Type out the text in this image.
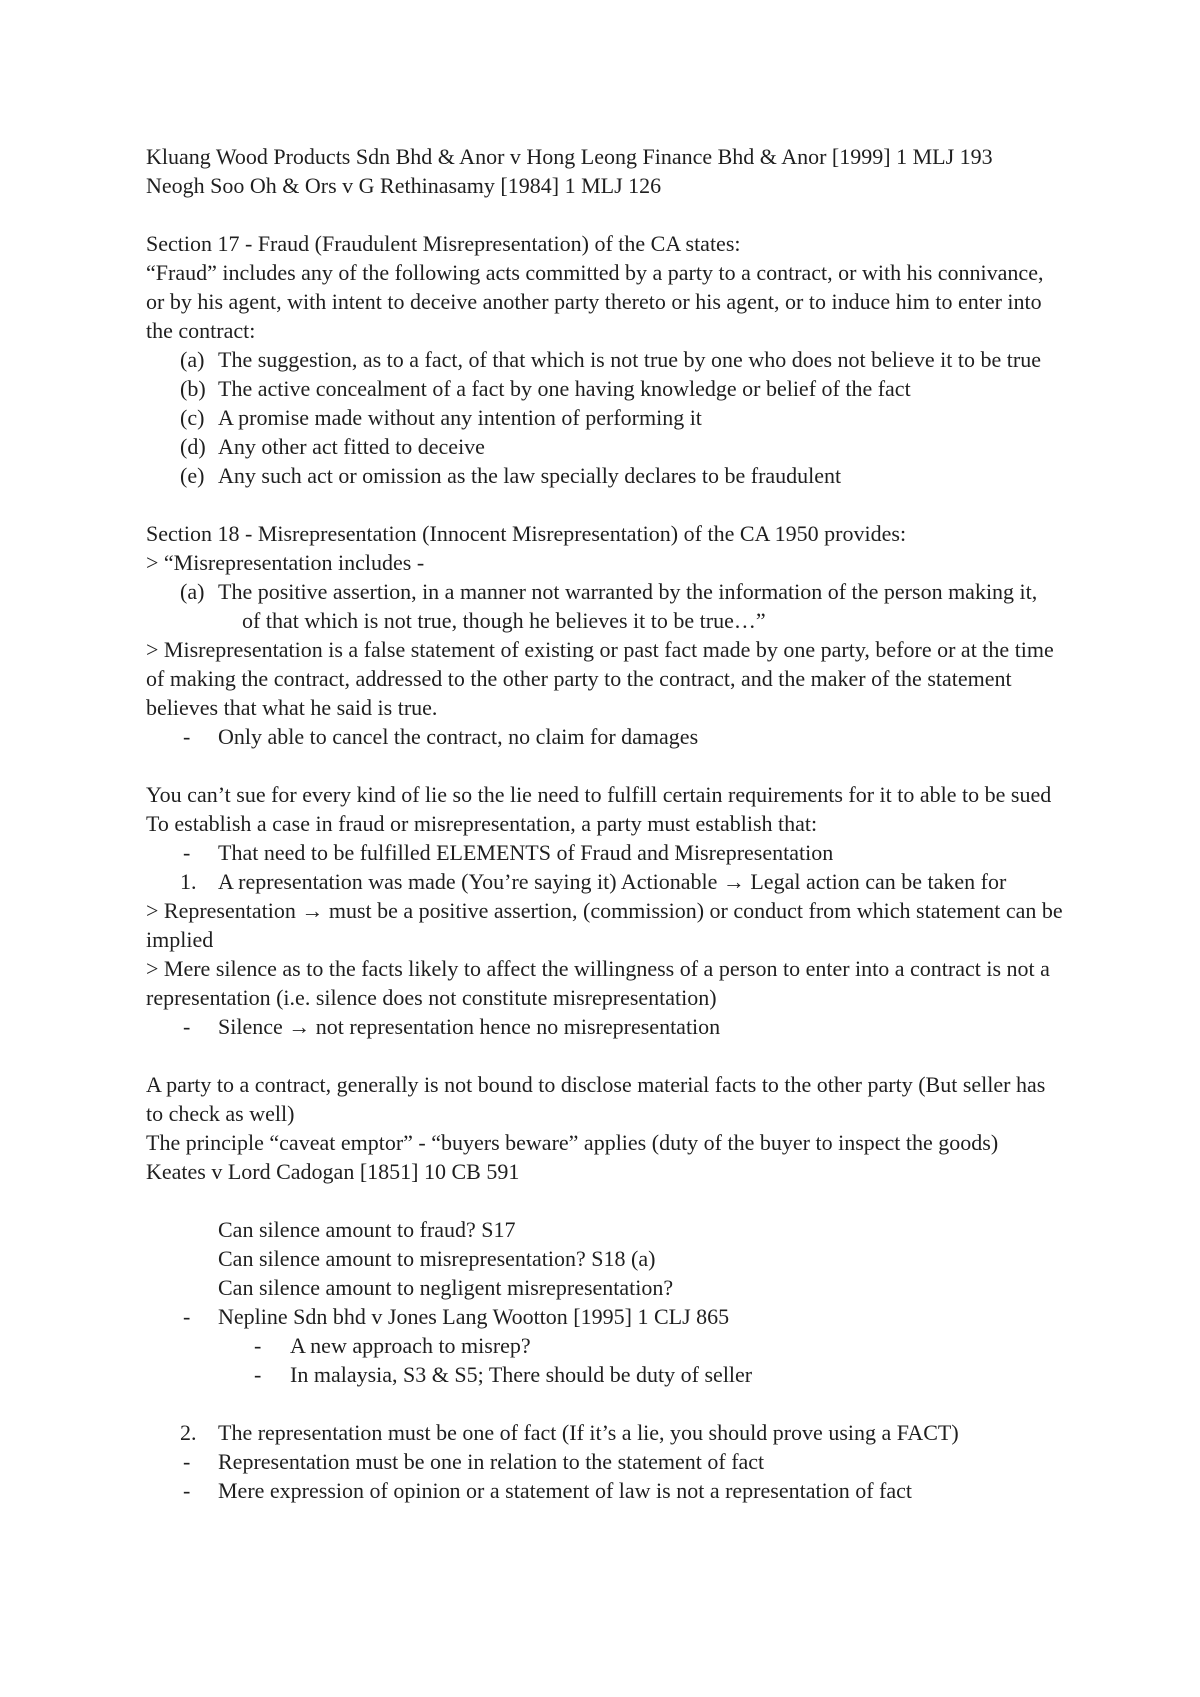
Kluang Wood Products Sdn Bhd & Anor v Hong Leong Finance Bhd & Anor [1999] 1 MLJ 193

Neogh Soo Oh & Ors v G Rethinasamy [1984] 1 MLJ 126

Section 17 - Fraud (Fraudulent Misrepresentation) of the CA states:

“Fraud” includes any of the following acts committed by a party to a contract, or with his connivance, or by his agent, with intent to deceive another party thereto or his agent, or to induce him to enter into the contract:

(a) The suggestion, as to a fact, of that which is not true by one who does not believe it to be true

(b) The active concealment of a fact by one having knowledge or belief of the fact

(c) A promise made without any intention of performing it

(d) Any other act fitted to deceive

(e) Any such act or omission as the law specially declares to be fraudulent

Section 18 - Misrepresentation (Innocent Misrepresentation) of the CA 1950 provides:

> “Misrepresentation includes -

(a) The positive assertion, in a manner not warranted by the information of the person making it,

of that which is not true, though he believes it to be true…”

> Misrepresentation is a false statement of existing or past fact made by one party, before or at the time of making the contract, addressed to the other party to the contract, and the maker of the statement believes that what he said is true.

- Only able to cancel the contract, no claim for damages

You can’t sue for every kind of lie so the lie need to fulfill certain requirements for it to able to be sued

To establish a case in fraud or misrepresentation, a party must establish that:

- That need to be fulfilled ELEMENTS of Fraud and Misrepresentation

1. A representation was made (You’re saying it) Actionable → Legal action can be taken for

> Representation → must be a positive assertion, (commission) or conduct from which statement can be implied

> Mere silence as to the facts likely to affect the willingness of a person to enter into a contract is not a representation (i.e. silence does not constitute misrepresentation)

- Silence → not representation hence no misrepresentation

A party to a contract, generally is not bound to disclose material facts to the other party (But seller has to check as well)

The principle “caveat emptor” - “buyers beware” applies (duty of the buyer to inspect the goods)

Keates v Lord Cadogan [1851] 10 CB 591

Can silence amount to fraud? S17

Can silence amount to misrepresentation? S18 (a)

Can silence amount to negligent misrepresentation?

- Nepline Sdn bhd v Jones Lang Wootton [1995] 1 CLJ 865

- A new approach to misrep?

- In malaysia, S3 & S5; There should be duty of seller

2. The representation must be one of fact (If it’s a lie, you should prove using a FACT)

- Representation must be one in relation to the statement of fact

- Mere expression of opinion or a statement of law is not a representation of fact
